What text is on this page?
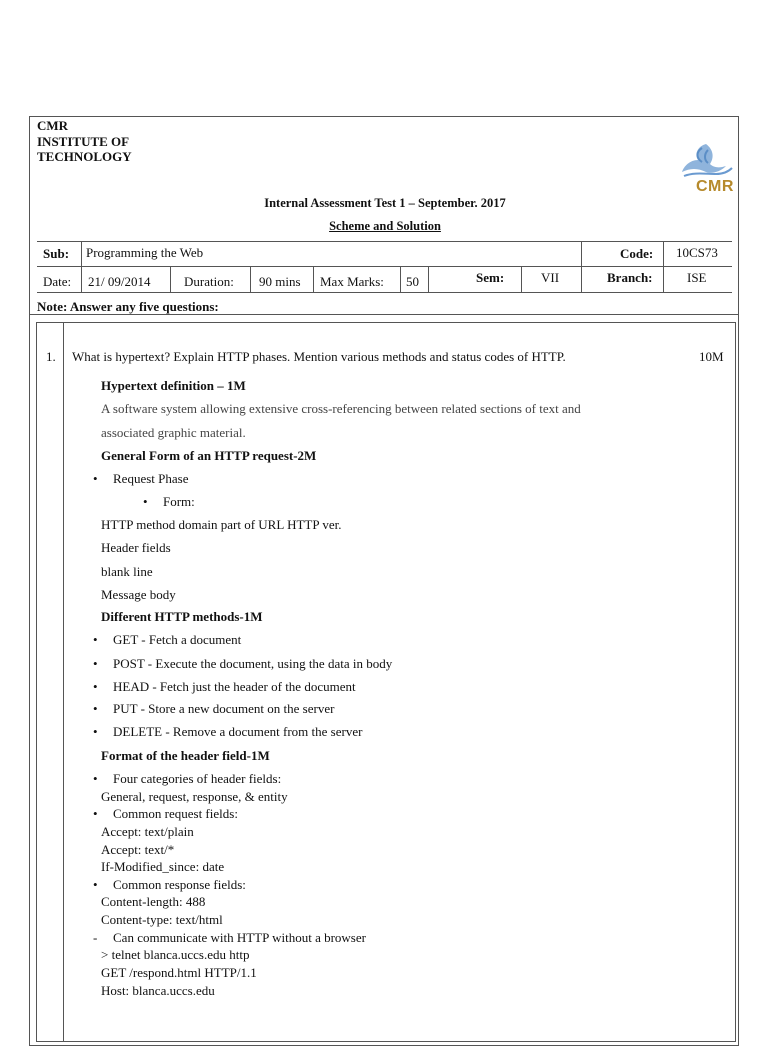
CMR
INSTITUTE OF
TECHNOLOGY
CMR
Internal Assessment Test 1 – September. 2017
Scheme and Solution
Sub: Programming the Web	Code: 10CS73
Date: 21/ 09/2014	Duration: 90 mins Max Marks: 50	Sem:	VII	Branch:	ISE
Note: Answer any five questions:
1. What is hypertext? Explain HTTP phases. Mention various methods and status codes of HTTP.	10M
Hypertext definition – 1M
A software system allowing extensive cross-referencing between related sections of text and
associated graphic material.
General Form of an HTTP request-2M
• Request Phase
• Form:
HTTP method domain part of URL HTTP ver.
Header fields
blank line
Message body
Different HTTP methods-1M
• GET - Fetch a document
• POST - Execute the document, using the data in body
• HEAD - Fetch just the header of the document
• PUT - Store a new document on the server
• DELETE - Remove a document from the server
Format of the header field-1M
• Four categories of header fields:
General, request, response, & entity
• Common request fields:
Accept: text/plain
Accept: text/*
If-Modified_since: date
• Common response fields:
Content-length: 488
Content-type: text/html
- Can communicate with HTTP without a browser
> telnet blanca.uccs.edu http
GET /respond.html HTTP/1.1
Host: blanca.uccs.edu
